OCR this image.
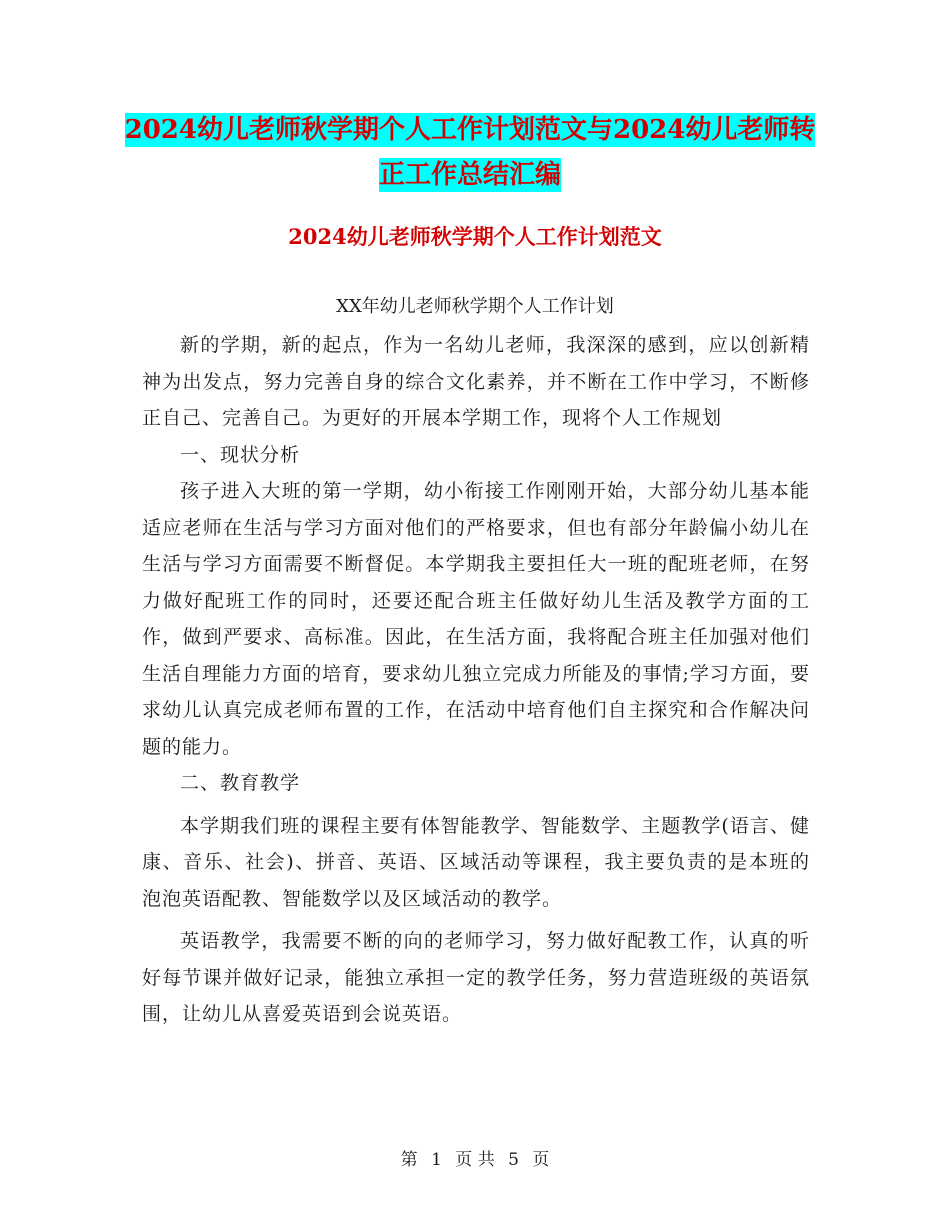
2024幼儿老师秋学期个人工作计划范文与2024幼儿老师转正工作总结汇编
2024幼儿老师秋学期个人工作计划范文
XX年幼儿老师秋学期个人工作计划

新的学期，新的起点，作为一名幼儿老师，我深深的感到，应以创新精神为出发点，努力完善自身的综合文化素养，并不断在工作中学习，不断修正自己、完善自己。为更好的开展本学期工作，现将个人工作规划

一、现状分析

孩子进入大班的第一学期，幼小衔接工作刚刚开始，大部分幼儿基本能适应老师在生活与学习方面对他们的严格要求，但也有部分年龄偏小幼儿在生活与学习方面需要不断督促。本学期我主要担任大一班的配班老师，在努力做好配班工作的同时，还要还配合班主任做好幼儿生活及教学方面的工作，做到严要求、高标准。因此，在生活方面，我将配合班主任加强对他们生活自理能力方面的培育，要求幼儿独立完成力所能及的事情;学习方面，要求幼儿认真完成老师布置的工作，在活动中培育他们自主探究和合作解决问题的能力。

二、教育教学

本学期我们班的课程主要有体智能教学、智能数学、主题教学(语言、健康、音乐、社会)、拼音、英语、区域活动等课程，我主要负责的是本班的泡泡英语配教、智能数学以及区域活动的教学。

英语教学，我需要不断的向的老师学习，努力做好配教工作，认真的听好每节课并做好记录，能独立承担一定的教学任务，努力营造班级的英语氛围，让幼儿从喜爱英语到会说英语。

第 1 页 共 5 页
